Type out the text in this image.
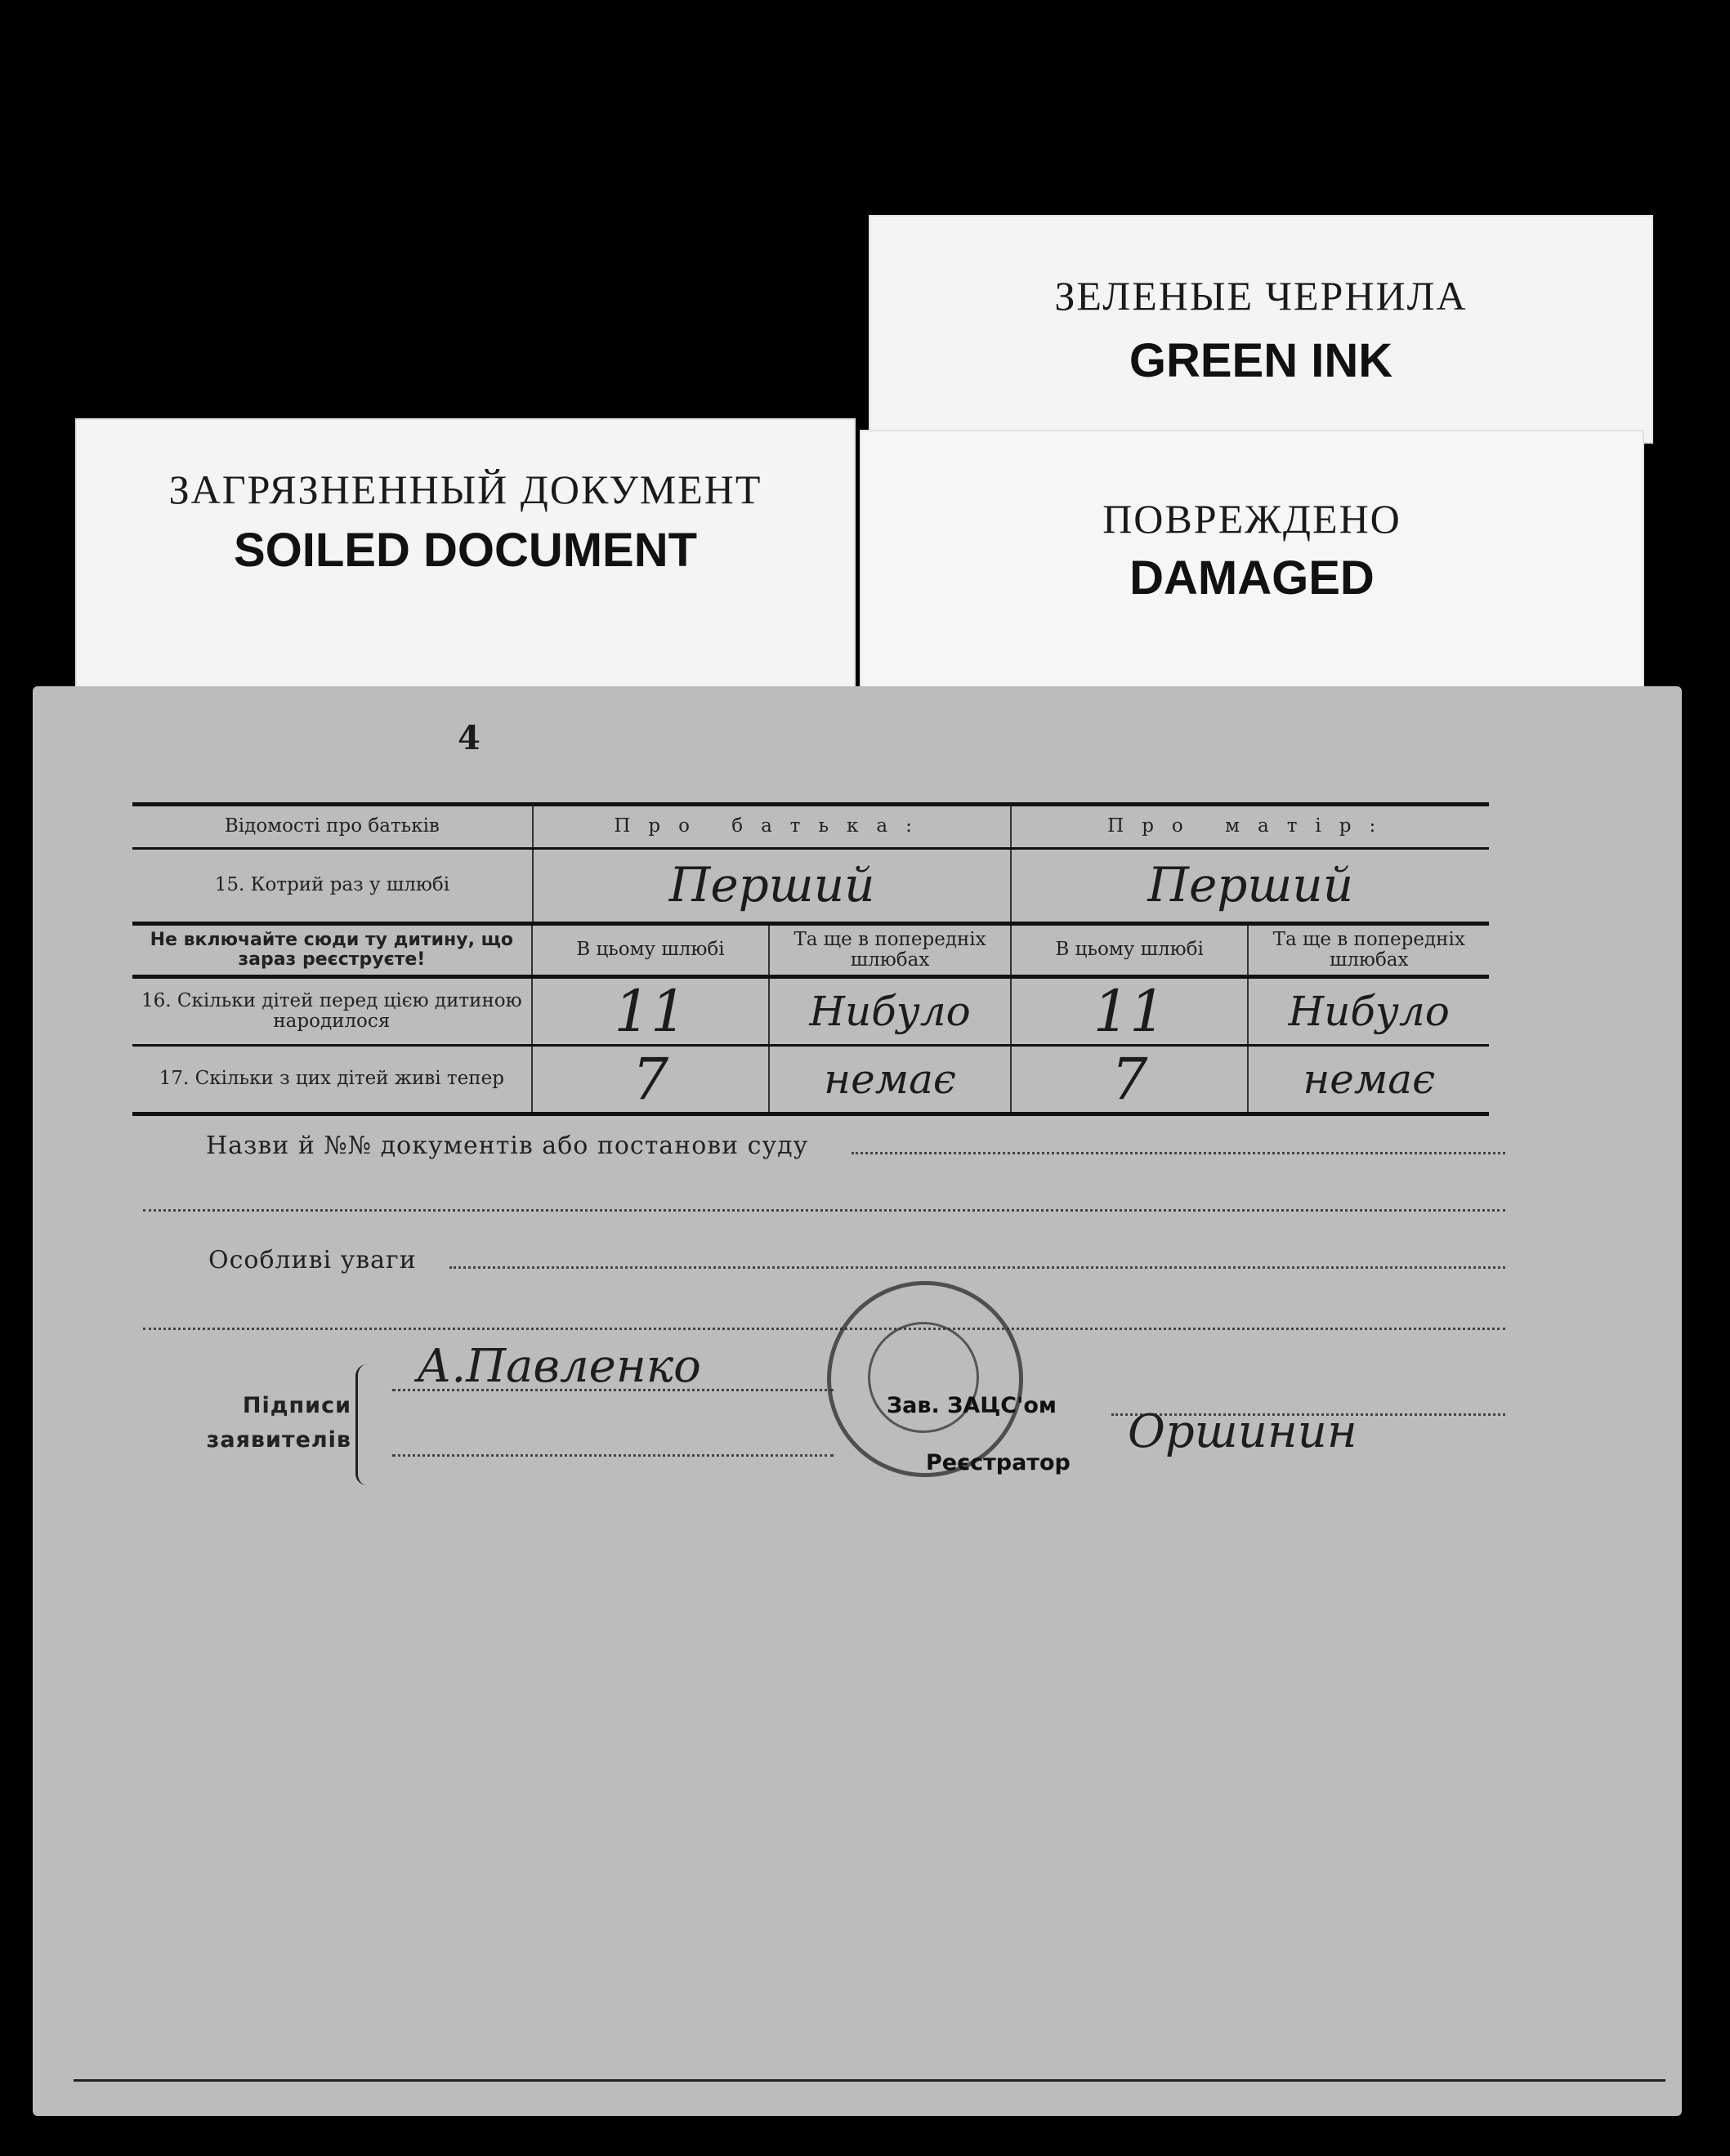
ЗЕЛЕНЫЕ ЧЕРНИЛА
GREEN INK
ЗАГРЯЗНЕННЫЙ ДОКУМЕНТ
SOILED DOCUMENT
ПОВРЕЖДЕНО
DAMAGED
4
Відомості про батьків	Про батька:	Про матір:
15. Котрий раз у шлюбі	Перший	Перший
Не включайте сюди ту дитину, що зараз реєструєте!	В цьому шлюбі	Та ще в попередніх шлюбах	В цьому шлюбі	Та ще в попередніх шлюбах
16. Скільки дітей перед цією дитиною народилося	11	Нибуло	11	Нибуло
17. Скільки з цих дітей живі тепер	7	немає	7	немає
Назви й №№ документів або постанови суду
Особливі уваги
Підписи заявителів
А.Павленко
Зав. ЗАЦС'ом
Реєстратор
Оршинин
